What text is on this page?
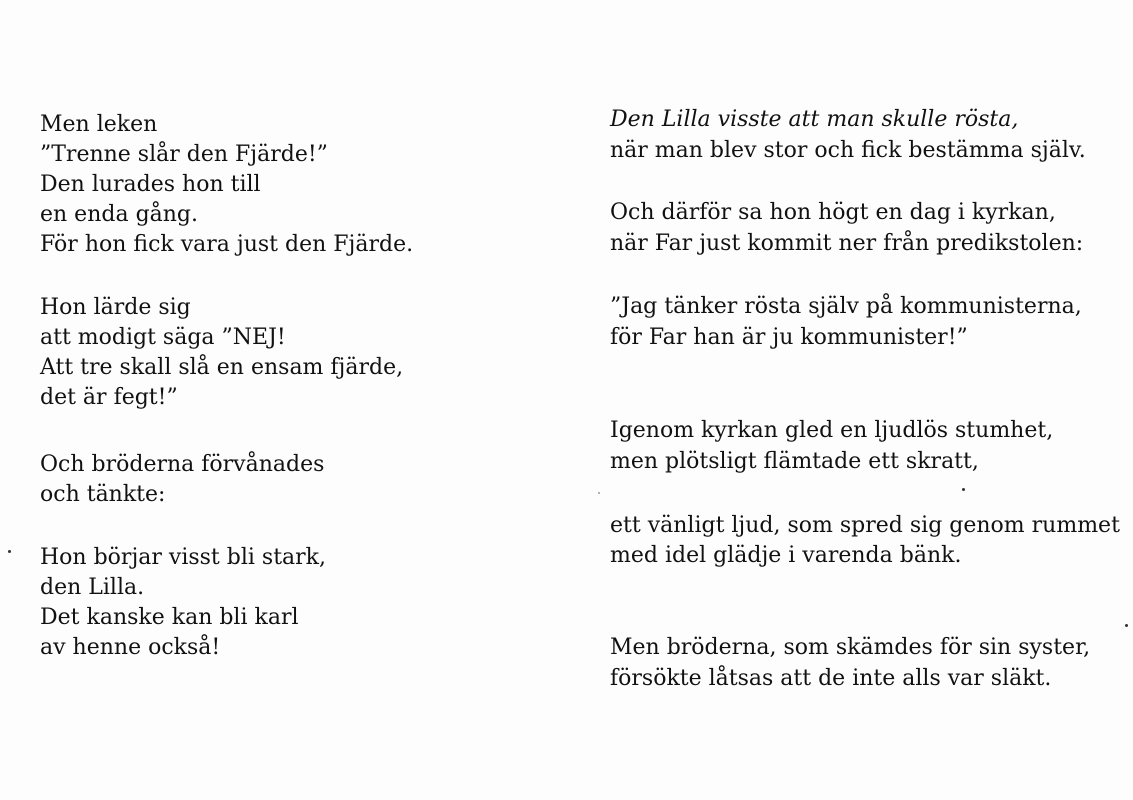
Men leken
”Trenne slår den Fjärde!”
Den lurades hon till
en enda gång.
För hon fick vara just den Fjärde.
Hon lärde sig
att modigt säga ”NEJ!
Att tre skall slå en ensam fjärde,
det är fegt!”
Och bröderna förvånades
och tänkte:
Hon börjar visst bli stark,
den Lilla.
Det kanske kan bli karl
av henne också!
Den Lilla visste att man skulle rösta,
när man blev stor och fick bestämma själv.
Och därför sa hon högt en dag i kyrkan,
när Far just kommit ner från predikstolen:
”Jag tänker rösta själv på kommunisterna,
för Far han är ju kommunister!”
Igenom kyrkan gled en ljudlös stumhet,
men plötsligt flämtade ett skratt,
ett vänligt ljud, som spred sig genom rummet
med idel glädje i varenda bänk.
Men bröderna, som skämdes för sin syster,
försökte låtsas att de inte alls var släkt.
